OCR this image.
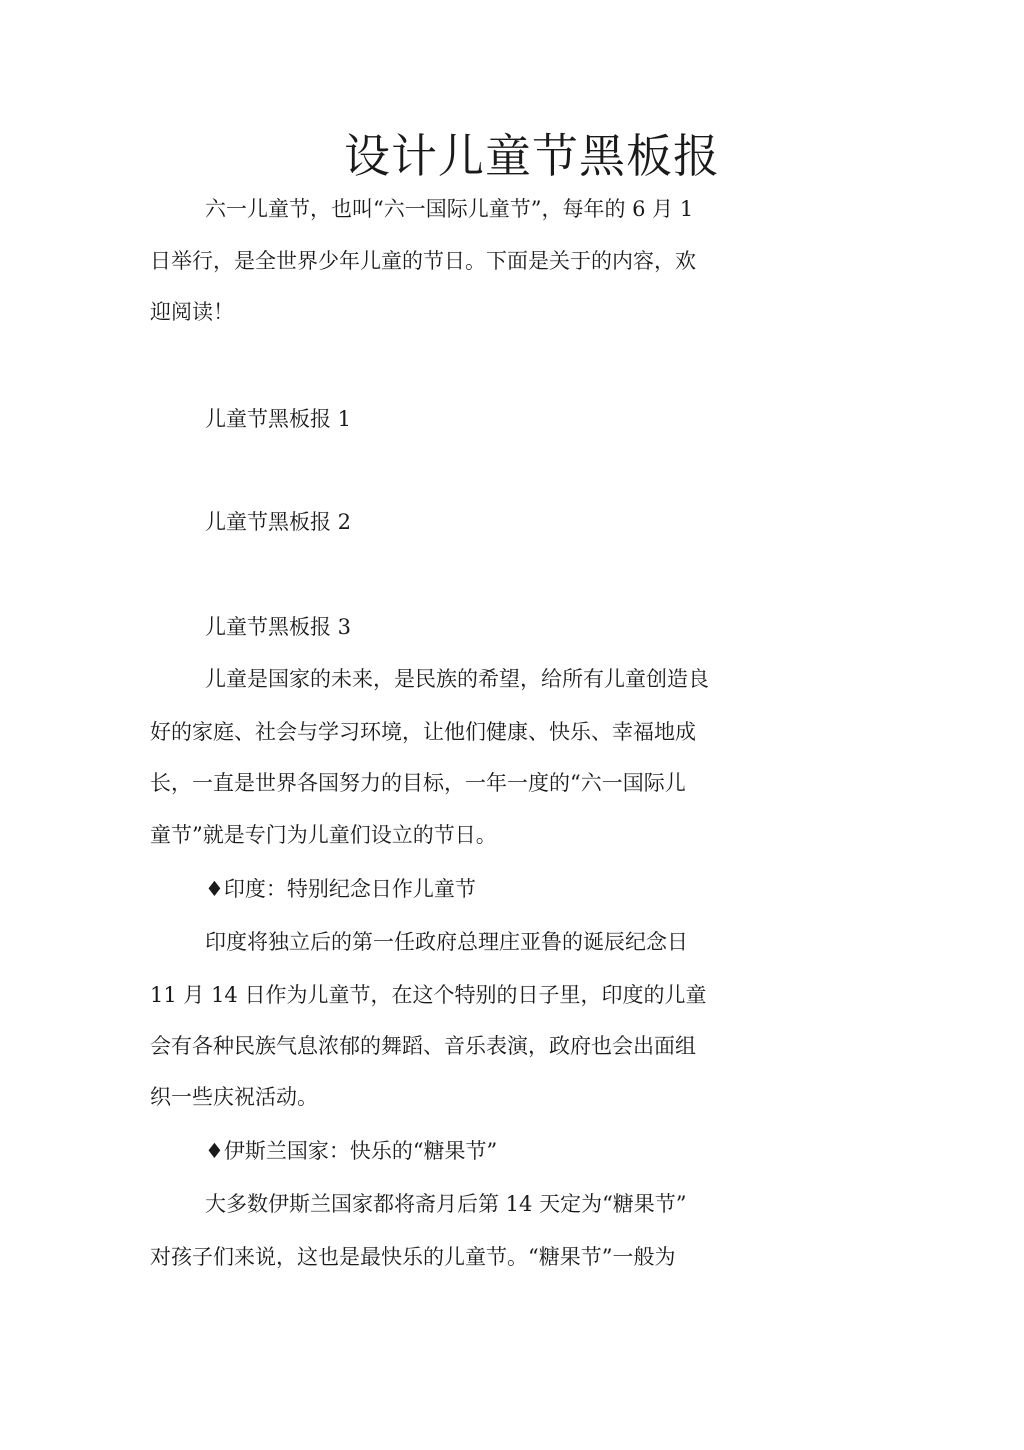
设计儿童节黑板报

六一儿童节，也叫“六一国际儿童节”，每年的 6 月 1

日举行，是全世界少年儿童的节日。下面是关于的内容，欢

迎阅读！

儿童节黑板报 1

儿童节黑板报 2

儿童节黑板报 3

儿童是国家的未来，是民族的希望，给所有儿童创造良

好的家庭、社会与学习环境，让他们健康、快乐、幸福地成

长，一直是世界各国努力的目标，一年一度的“六一国际儿

童节”就是专门为儿童们设立的节日。

♦印度：特别纪念日作儿童节

印度将独立后的第一任政府总理庄亚鲁的诞辰纪念日

11 月 14 日作为儿童节，在这个特别的日子里，印度的儿童

会有各种民族气息浓郁的舞蹈、音乐表演，政府也会出面组

织一些庆祝活动。

♦伊斯兰国家：快乐的“糖果节”

大多数伊斯兰国家都将斋月后第 14 天定为“糖果节”

对孩子们来说，这也是最快乐的儿童节。“糖果节”一般为
